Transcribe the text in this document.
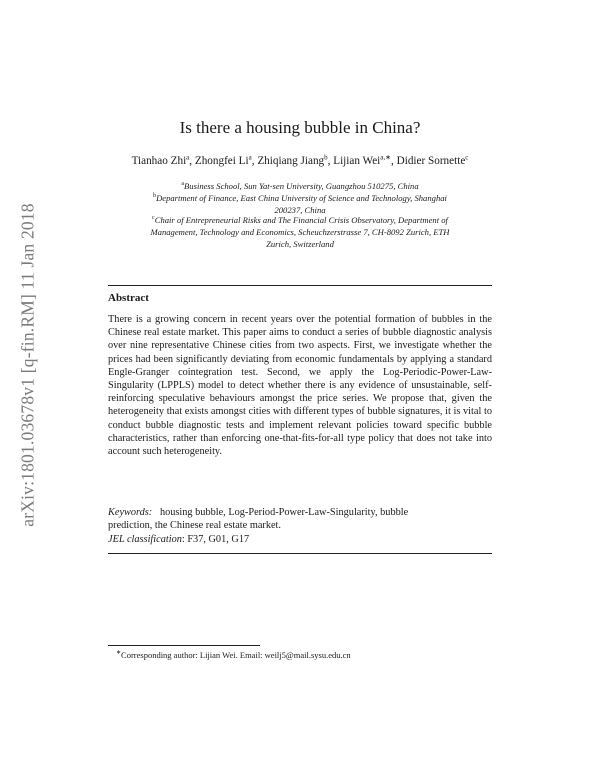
arXiv:1801.03678v1 [q-fin.RM] 11 Jan 2018
Is there a housing bubble in China?
Tianhao Zhi$^a$, Zhongfei Li$^a$, Zhiqiang Jiang$^b$, Lijian Wei$^{a,∗}$, Didier Sornette$^c$
$^a$Business School, Sun Yat-sen University, Guangzhou 510275, China
$^b$Department of Finance, East China University of Science and Technology, Shanghai
200237, China
$^c$Chair of Entrepreneurial Risks and The Financial Crisis Observatory, Department of
Management, Technology and Economics, Scheuchzerstrasse 7, CH-8092 Zurich, ETH
Zurich, Switzerland
Abstract
There is a growing concern in recent years over the potential formation of bubbles in the Chinese real estate market. This paper aims to conduct a series of bubble diagnostic analysis over nine representative Chinese cities from two aspects. First, we investigate whether the prices had been significantly deviating from economic fundamentals by applying a standard Engle-Granger cointegration test. Second, we apply the Log-Periodic-Power-Law-Singularity (LPPLS) model to detect whether there is any evidence of unsustainable, self-reinforcing speculative behaviours amongst the price series. We propose that, given the heterogeneity that exists amongst cities with different types of bubble signatures, it is vital to conduct bubble diagnostic tests and implement relevant policies toward specific bubble characteristics, rather than enforcing one-that-fits-for-all type policy that does not take into account such heterogeneity.
Keywords: housing bubble, Log-Period-Power-Law-Singularity, bubble
prediction, the Chinese real estate market.
JEL classification: F37, G01, G17
∗Corresponding author: Lijian Wei. Email: weilj5@mail.sysu.edu.cn
